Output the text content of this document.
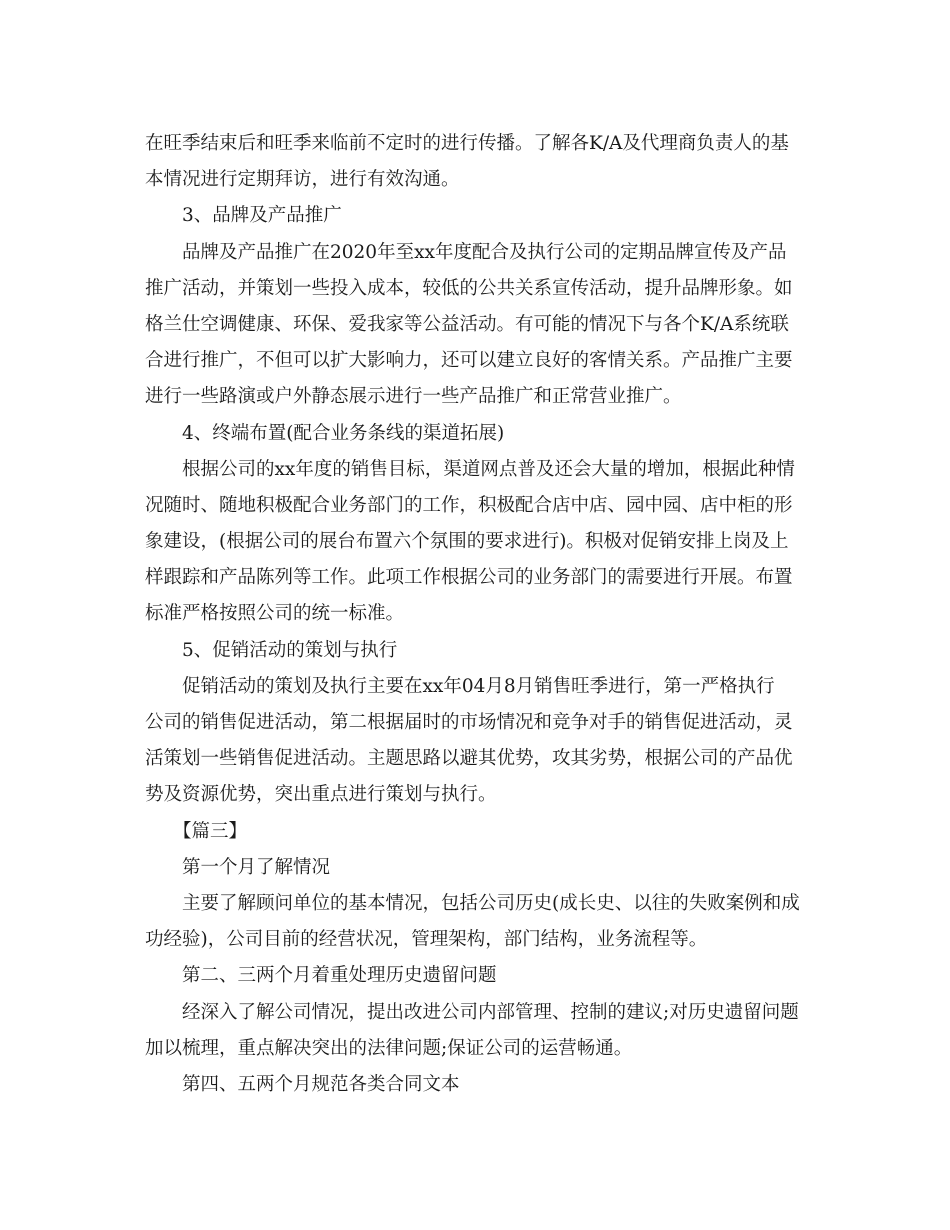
在旺季结束后和旺季来临前不定时的进行传播。了解各K/A及代理商负责人的基
本情况进行定期拜访，进行有效沟通。
3、品牌及产品推广
品牌及产品推广在2020年至xx年度配合及执行公司的定期品牌宣传及产品
推广活动，并策划一些投入成本，较低的公共关系宣传活动，提升品牌形象。如
格兰仕空调健康、环保、爱我家等公益活动。有可能的情况下与各个K/A系统联
合进行推广，不但可以扩大影响力，还可以建立良好的客情关系。产品推广主要
进行一些路演或户外静态展示进行一些产品推广和正常营业推广。
4、终端布置(配合业务条线的渠道拓展)
根据公司的xx年度的销售目标，渠道网点普及还会大量的增加，根据此种情
况随时、随地积极配合业务部门的工作，积极配合店中店、园中园、店中柜的形
象建设，(根据公司的展台布置六个氛围的要求进行)。积极对促销安排上岗及上
样跟踪和产品陈列等工作。此项工作根据公司的业务部门的需要进行开展。布置
标准严格按照公司的统一标准。
5、促销活动的策划与执行
促销活动的策划及执行主要在xx年04月8月销售旺季进行，第一严格执行
公司的销售促进活动，第二根据届时的市场情况和竞争对手的销售促进活动，灵
活策划一些销售促进活动。主题思路以避其优势，攻其劣势，根据公司的产品优
势及资源优势，突出重点进行策划与执行。
【篇三】
第一个月了解情况
主要了解顾问单位的基本情况，包括公司历史(成长史、以往的失败案例和成
功经验)，公司目前的经营状况，管理架构，部门结构，业务流程等。
第二、三两个月着重处理历史遗留问题
经深入了解公司情况，提出改进公司内部管理、控制的建议;对历史遗留问题
加以梳理，重点解决突出的法律问题;保证公司的运营畅通。
第四、五两个月规范各类合同文本
